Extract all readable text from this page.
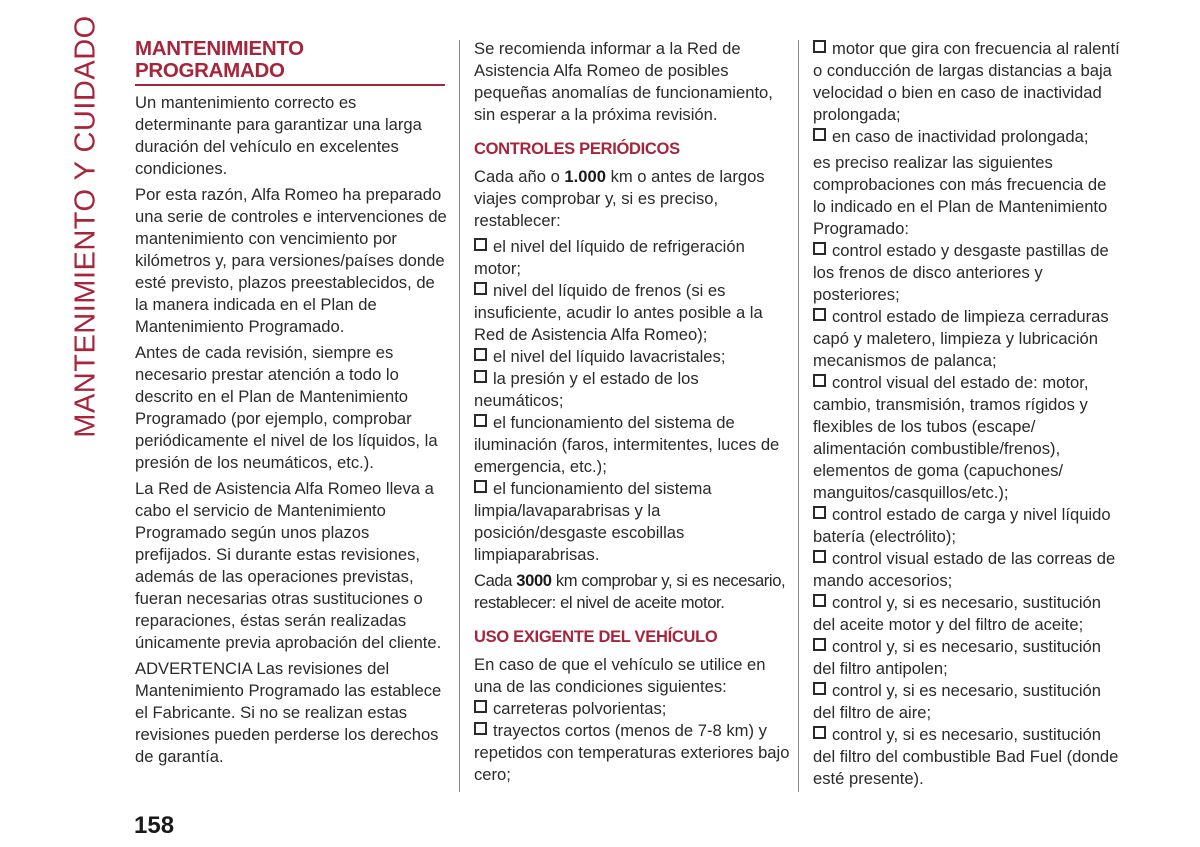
MANTENIMIENTO Y CUIDADO MANTENIMIENTO
PROGRAMADO

Un mantenimiento correcto es determinante para garantizar una larga duración del vehículo en excelentes condiciones.

Por esta razón, Alfa Romeo ha preparado una serie de controles e intervenciones de mantenimiento con vencimiento por kilómetros y, para versiones/países donde esté previsto, plazos preestablecidos, de la manera indicada en el Plan de Mantenimiento Programado.

Antes de cada revisión, siempre es necesario prestar atención a todo lo descrito en el Plan de Mantenimiento Programado (por ejemplo, comprobar periódicamente el nivel de los líquidos, la presión de los neumáticos, etc.).

La Red de Asistencia Alfa Romeo lleva a cabo el servicio de Mantenimiento Programado según unos plazos prefijados. Si durante estas revisiones, además de las operaciones previstas, fueran necesarias otras sustituciones o reparaciones, éstas serán realizadas únicamente previa aprobación del cliente.

ADVERTENCIA Las revisiones del Mantenimiento Programado las establece el Fabricante. Si no se realizan estas revisiones pueden perderse los derechos de garantía.

Se recomienda informar a la Red de Asistencia Alfa Romeo de posibles pequeñas anomalías de funcionamiento, sin esperar a la próxima revisión.

CONTROLES PERIÓDICOS

Cada año o 1.000 km o antes de largos viajes comprobar y, si es preciso, restablecer:

el nivel del líquido de refrigeración motor;
nivel del líquido de frenos (si es insuficiente, acudir lo antes posible a la Red de Asistencia Alfa Romeo);
el nivel del líquido lavacristales;
la presión y el estado de los neumáticos;
el funcionamiento del sistema de iluminación (faros, intermitentes, luces de emergencia, etc.);
el funcionamiento del sistema limpia/lavaparabrisas y la posición/desgaste escobillas limpiaparabrisas.

Cada 3000 km comprobar y, si es necesario, restablecer: el nivel de aceite motor.

USO EXIGENTE DEL VEHÍCULO

En caso de que el vehículo se utilice en una de las condiciones siguientes:

carreteras polvorientas;
trayectos cortos (menos de 7-8 km) y repetidos con temperaturas exteriores bajo cero;
motor que gira con frecuencia al ralentí o conducción de largas distancias a baja velocidad o bien en caso de inactividad prolongada;
en caso de inactividad prolongada;

es preciso realizar las siguientes comprobaciones con más frecuencia de lo indicado en el Plan de Mantenimiento Programado:

control estado y desgaste pastillas de los frenos de disco anteriores y posteriores;
control estado de limpieza cerraduras capó y maletero, limpieza y lubricación mecanismos de palanca;
control visual del estado de: motor, cambio, transmisión, tramos rígidos y flexibles de los tubos (escape/ alimentación combustible/frenos), elementos de goma (capuchones/ manguitos/casquillos/etc.);
control estado de carga y nivel líquido batería (electrólito);
control visual estado de las correas de mando accesorios;
control y, si es necesario, sustitución del aceite motor y del filtro de aceite;
control y, si es necesario, sustitución del filtro antipolen;
control y, si es necesario, sustitución del filtro de aire;
control y, si es necesario, sustitución del filtro del combustible Bad Fuel (donde esté presente).
158
